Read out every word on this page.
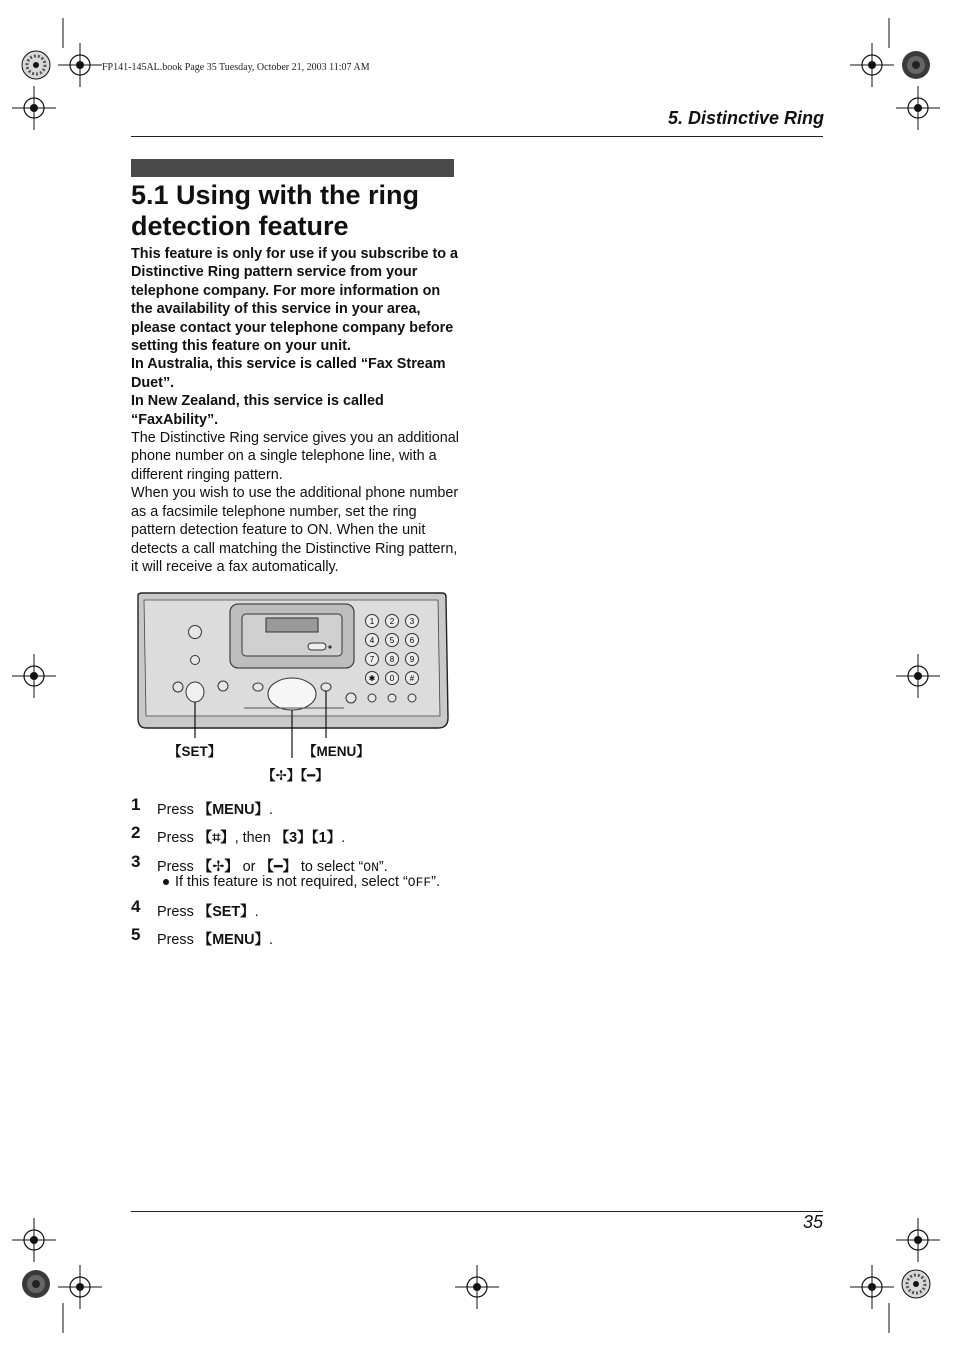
FP141-145AL.book Page 35 Tuesday, October 21, 2003 11:07 AM
5. Distinctive Ring
5.1 Using with the ring detection feature

This feature is only for use if you subscribe to a Distinctive Ring pattern service from your telephone company. For more information on the availability of this service in your area, please contact your telephone company before setting this feature on your unit.

In Australia, this service is called “Fax Stream Duet”.

In New Zealand, this service is called “FaxAbility”.

The Distinctive Ring service gives you an additional phone number on a single telephone line, with a different ringing pattern.

When you wish to use the additional phone number as a facsimile telephone number, set the ring pattern detection feature to ON. When the unit detects a call matching the Distinctive Ring pattern, it will receive a fax automatically.

1 2 3
4 5 6
7 8 9
✱ 0 #
【SET】	【MENU】
【✢】【━】
1 Press 【MENU】.
2 Press 【⌗】, then 【3】【1】.
3 Press 【✢】 or 【━】 to select “ON”.
If this feature is not required, select “OFF”.
4 Press 【SET】.
5 Press 【MENU】.
35
